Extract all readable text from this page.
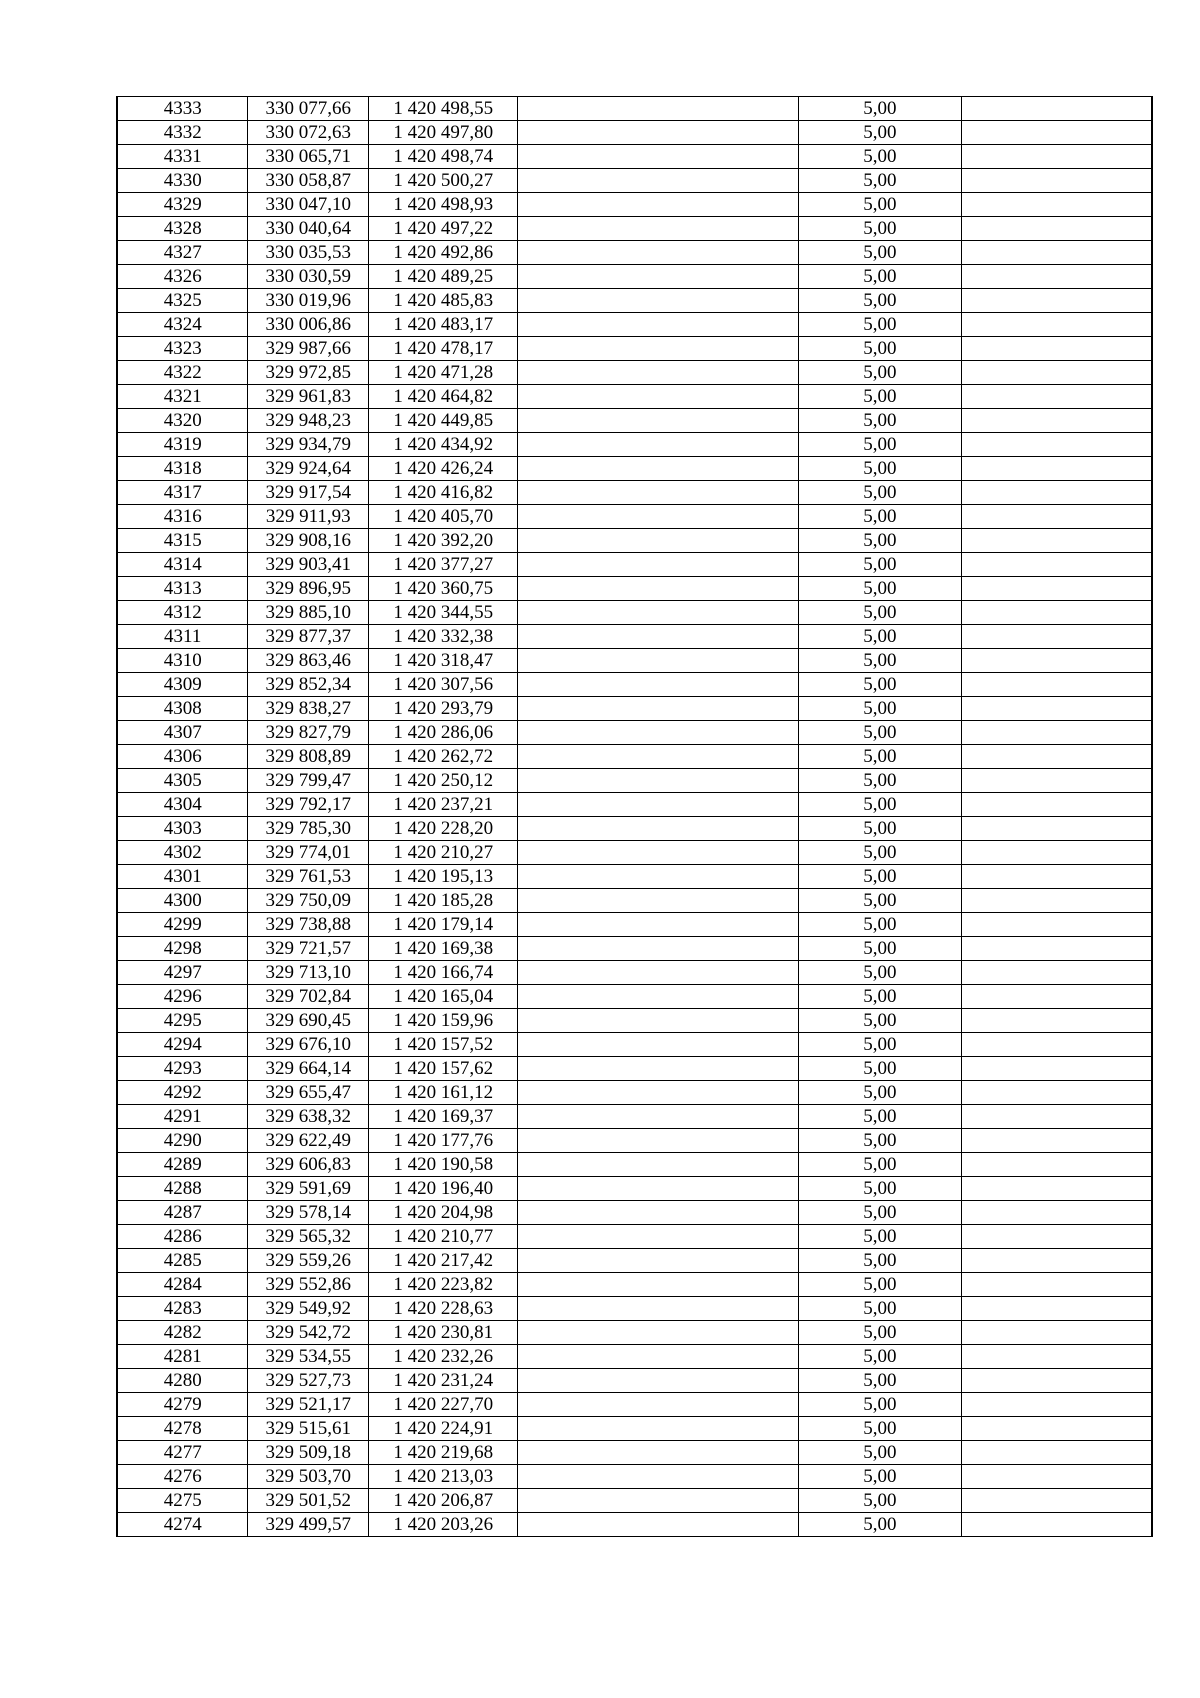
4333	330 077,66	1 420 498,55		5,00	
4332	330 072,63	1 420 497,80		5,00	
4331	330 065,71	1 420 498,74		5,00	
4330	330 058,87	1 420 500,27		5,00	
4329	330 047,10	1 420 498,93		5,00	
4328	330 040,64	1 420 497,22		5,00	
4327	330 035,53	1 420 492,86		5,00	
4326	330 030,59	1 420 489,25		5,00	
4325	330 019,96	1 420 485,83		5,00	
4324	330 006,86	1 420 483,17		5,00	
4323	329 987,66	1 420 478,17		5,00	
4322	329 972,85	1 420 471,28		5,00	
4321	329 961,83	1 420 464,82		5,00	
4320	329 948,23	1 420 449,85		5,00	
4319	329 934,79	1 420 434,92		5,00	
4318	329 924,64	1 420 426,24		5,00	
4317	329 917,54	1 420 416,82		5,00	
4316	329 911,93	1 420 405,70		5,00	
4315	329 908,16	1 420 392,20		5,00	
4314	329 903,41	1 420 377,27		5,00	
4313	329 896,95	1 420 360,75		5,00	
4312	329 885,10	1 420 344,55		5,00	
4311	329 877,37	1 420 332,38		5,00	
4310	329 863,46	1 420 318,47		5,00	
4309	329 852,34	1 420 307,56		5,00	
4308	329 838,27	1 420 293,79		5,00	
4307	329 827,79	1 420 286,06		5,00	
4306	329 808,89	1 420 262,72		5,00	
4305	329 799,47	1 420 250,12		5,00	
4304	329 792,17	1 420 237,21		5,00	
4303	329 785,30	1 420 228,20		5,00	
4302	329 774,01	1 420 210,27		5,00	
4301	329 761,53	1 420 195,13		5,00	
4300	329 750,09	1 420 185,28		5,00	
4299	329 738,88	1 420 179,14		5,00	
4298	329 721,57	1 420 169,38		5,00	
4297	329 713,10	1 420 166,74		5,00	
4296	329 702,84	1 420 165,04		5,00	
4295	329 690,45	1 420 159,96		5,00	
4294	329 676,10	1 420 157,52		5,00	
4293	329 664,14	1 420 157,62		5,00	
4292	329 655,47	1 420 161,12		5,00	
4291	329 638,32	1 420 169,37		5,00	
4290	329 622,49	1 420 177,76		5,00	
4289	329 606,83	1 420 190,58		5,00	
4288	329 591,69	1 420 196,40		5,00	
4287	329 578,14	1 420 204,98		5,00	
4286	329 565,32	1 420 210,77		5,00	
4285	329 559,26	1 420 217,42		5,00	
4284	329 552,86	1 420 223,82		5,00	
4283	329 549,92	1 420 228,63		5,00	
4282	329 542,72	1 420 230,81		5,00	
4281	329 534,55	1 420 232,26		5,00	
4280	329 527,73	1 420 231,24		5,00	
4279	329 521,17	1 420 227,70		5,00	
4278	329 515,61	1 420 224,91		5,00	
4277	329 509,18	1 420 219,68		5,00	
4276	329 503,70	1 420 213,03		5,00	
4275	329 501,52	1 420 206,87		5,00	
4274	329 499,57	1 420 203,26		5,00	
